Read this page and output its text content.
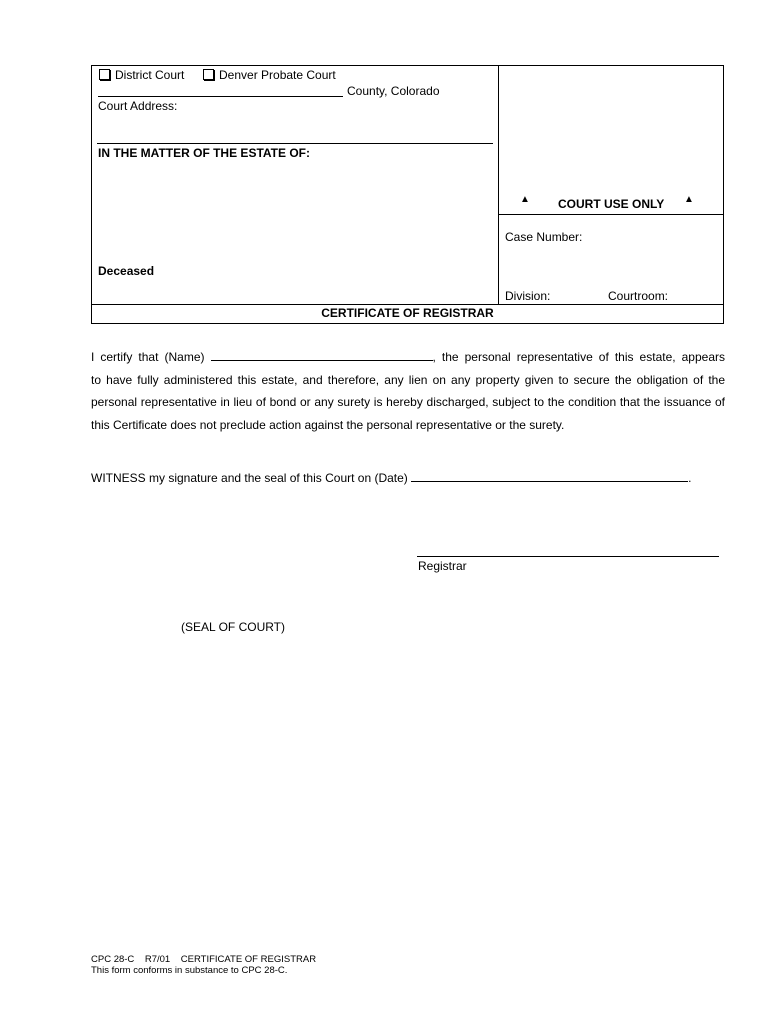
District Court	Denver Probate Court
County, Colorado
Court Address:
IN THE MATTER OF THE ESTATE OF:
Deceased
▲ COURT USE ONLY ▲
Case Number:
Division:	Courtroom:
CERTIFICATE OF REGISTRAR
I certify that (Name)	, the personal representative of this estate, appears
to have fully administered this estate, and therefore, any lien on any property given to secure the obligation of the personal representative in lieu of bond or any surety is hereby discharged, subject to the condition that the issuance of this Certificate does not preclude action against the personal representative or the surety.
WITNESS my signature and the seal of this Court on (Date)	.
Registrar
(SEAL OF COURT)
CPC 28-C    R7/01    CERTIFICATE OF REGISTRAR
This form conforms in substance to CPC 28-C.
